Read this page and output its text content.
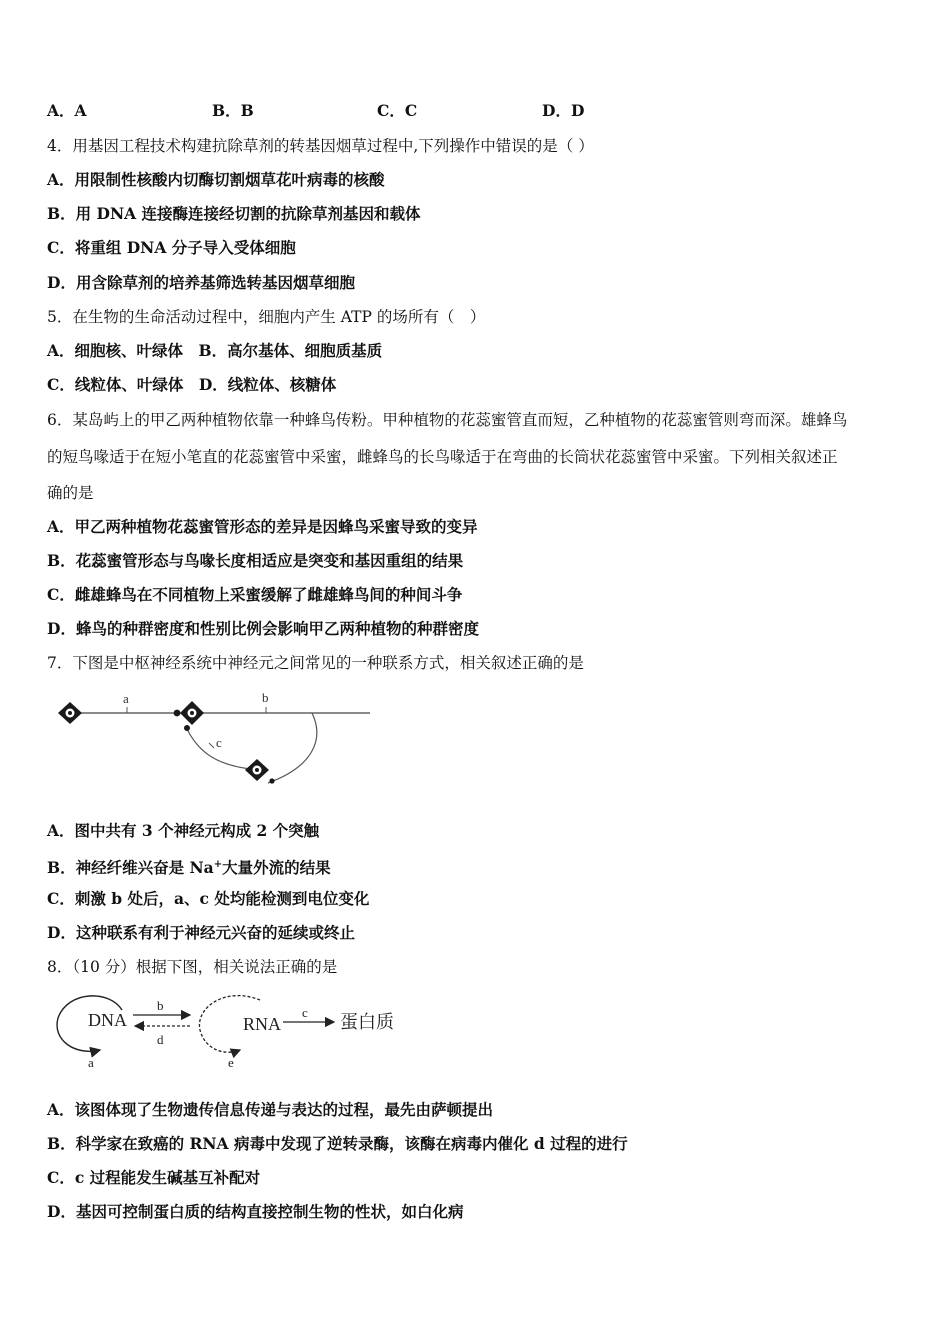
A．A	B．B	C．C	D．D
4．用基因工程技术构建抗除草剂的转基因烟草过程中,下列操作中错误的是（ ）
A．用限制性核酸内切酶切割烟草花叶病毒的核酸
B．用 DNA 连接酶连接经切割的抗除草剂基因和载体
C．将重组 DNA 分子导入受体细胞
D．用含除草剂的培养基筛选转基因烟草细胞
5．在生物的生命活动过程中，细胞内产生 ATP 的场所有（　）
A．细胞核、叶绿体　B．高尔基体、细胞质基质
C．线粒体、叶绿体　D．线粒体、核糖体
6．某岛屿上的甲乙两种植物依靠一种蜂鸟传粉。甲种植物的花蕊蜜管直而短，乙种植物的花蕊蜜管则弯而深。雄蜂鸟
的短鸟喙适于在短小笔直的花蕊蜜管中采蜜，雌蜂鸟的长鸟喙适于在弯曲的长筒状花蕊蜜管中采蜜。下列相关叙述正
确的是
A．甲乙两种植物花蕊蜜管形态的差异是因蜂鸟采蜜导致的变异
B．花蕊蜜管形态与鸟喙长度相适应是突变和基因重组的结果
C．雌雄蜂鸟在不同植物上采蜜缓解了雌雄蜂鸟间的种间斗争
D．蜂鸟的种群密度和性别比例会影响甲乙两种植物的种群密度
7．下图是中枢神经系统中神经元之间常见的一种联系方式，相关叙述正确的是
a	b
c
A．图中共有 3 个神经元构成 2 个突触
B．神经纤维兴奋是 Na+大量外流的结果
C．刺激 b 处后，a、c 处均能检测到电位变化
D．这种联系有利于神经元兴奋的延续或终止
8．（10 分）根据下图，相关说法正确的是
DNA
a
b
d
RNA
e
c 蛋白质
A．该图体现了生物遗传信息传递与表达的过程，最先由萨顿提出
B．科学家在致癌的 RNA 病毒中发现了逆转录酶，该酶在病毒内催化 d 过程的进行
C．c 过程能发生碱基互补配对
D．基因可控制蛋白质的结构直接控制生物的性状，如白化病
